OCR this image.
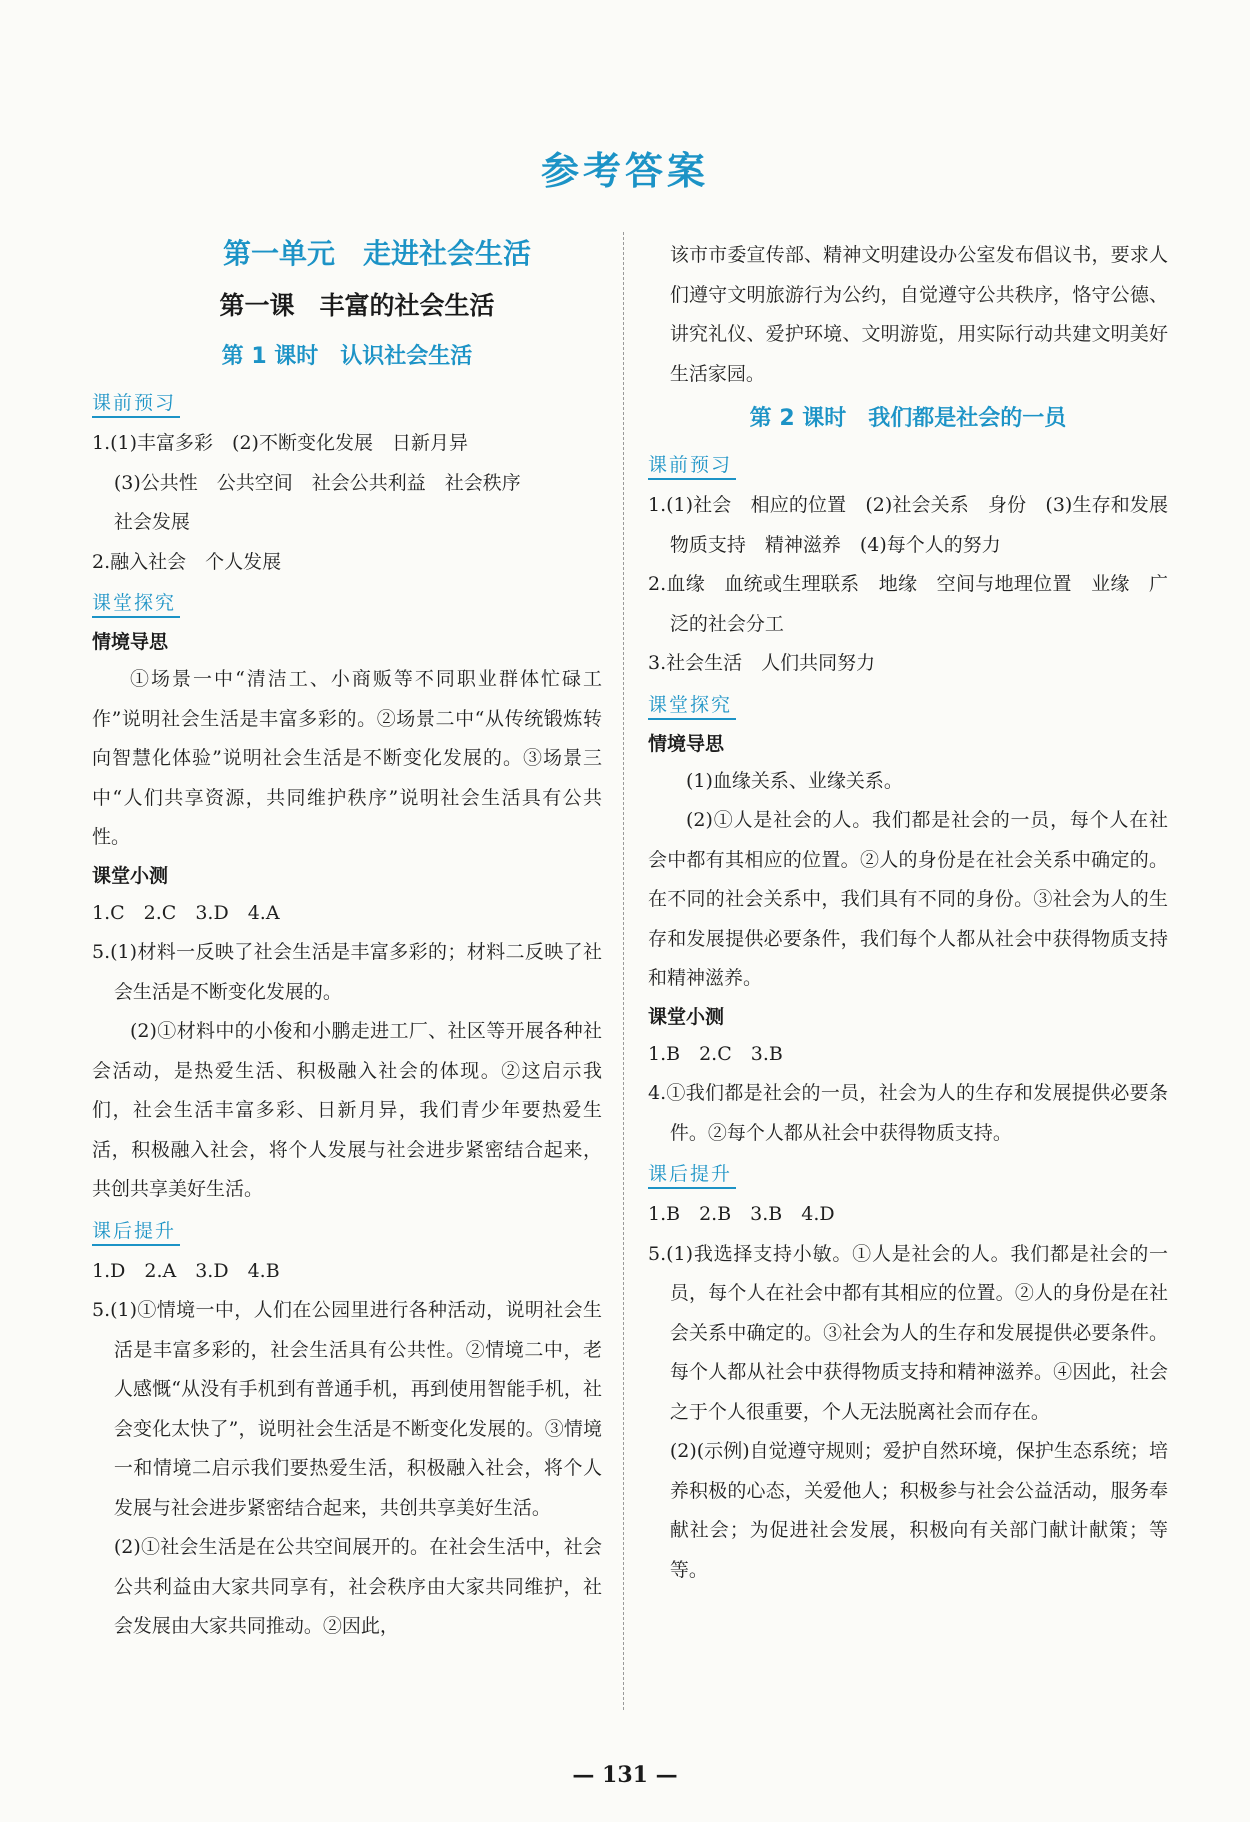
参考答案
第一单元　走进社会生活
第一课　丰富的社会生活
第 1 课时　认识社会生活
课前预习
1.(1)丰富多彩　(2)不断变化发展　日新月异
(3)公共性　公共空间　社会公共利益　社会秩序
社会发展
2.融入社会　个人发展
课堂探究
情境导思
①场景一中“清洁工、小商贩等不同职业群体忙碌工作”说明社会生活是丰富多彩的。②场景二中“从传统锻炼转向智慧化体验”说明社会生活是不断变化发展的。③场景三中“人们共享资源，共同维护秩序”说明社会生活具有公共性。
课堂小测
1.C　2.C　3.D　4.A
5.(1)材料一反映了社会生活是丰富多彩的；材料二反映了社会生活是不断变化发展的。
(2)①材料中的小俊和小鹏走进工厂、社区等开展各种社会活动，是热爱生活、积极融入社会的体现。②这启示我们，社会生活丰富多彩、日新月异，我们青少年要热爱生活，积极融入社会，将个人发展与社会进步紧密结合起来，共创共享美好生活。
课后提升
1.D　2.A　3.D　4.B
5.(1)①情境一中，人们在公园里进行各种活动，说明社会生活是丰富多彩的，社会生活具有公共性。②情境二中，老人感慨“从没有手机到有普通手机，再到使用智能手机，社会变化太快了”，说明社会生活是不断变化发展的。③情境一和情境二启示我们要热爱生活，积极融入社会，将个人发展与社会进步紧密结合起来，共创共享美好生活。
(2)①社会生活是在公共空间展开的。在社会生活中，社会公共利益由大家共同享有，社会秩序由大家共同维护，社会发展由大家共同推动。②因此，
该市市委宣传部、精神文明建设办公室发布倡议书，要求人们遵守文明旅游行为公约，自觉遵守公共秩序，恪守公德、讲究礼仪、爱护环境、文明游览，用实际行动共建文明美好生活家园。
第 2 课时　我们都是社会的一员
课前预习
1.(1)社会　相应的位置　(2)社会关系　身份　(3)生存和发展　物质支持　精神滋养　(4)每个人的努力
2.血缘　血统或生理联系　地缘　空间与地理位置　业缘　广泛的社会分工
3.社会生活　人们共同努力
课堂探究
情境导思
(1)血缘关系、业缘关系。
(2)①人是社会的人。我们都是社会的一员，每个人在社会中都有其相应的位置。②人的身份是在社会关系中确定的。在不同的社会关系中，我们具有不同的身份。③社会为人的生存和发展提供必要条件，我们每个人都从社会中获得物质支持和精神滋养。
课堂小测
1.B　2.C　3.B
4.①我们都是社会的一员，社会为人的生存和发展提供必要条件。②每个人都从社会中获得物质支持。
课后提升
1.B　2.B　3.B　4.D
5.(1)我选择支持小敏。①人是社会的人。我们都是社会的一员，每个人在社会中都有其相应的位置。②人的身份是在社会关系中确定的。③社会为人的生存和发展提供必要条件。每个人都从社会中获得物质支持和精神滋养。④因此，社会之于个人很重要，个人无法脱离社会而存在。
(2)(示例)自觉遵守规则；爱护自然环境，保护生态系统；培养积极的心态，关爱他人；积极参与社会公益活动，服务奉献社会；为促进社会发展，积极向有关部门献计献策；等等。
— 131 —
